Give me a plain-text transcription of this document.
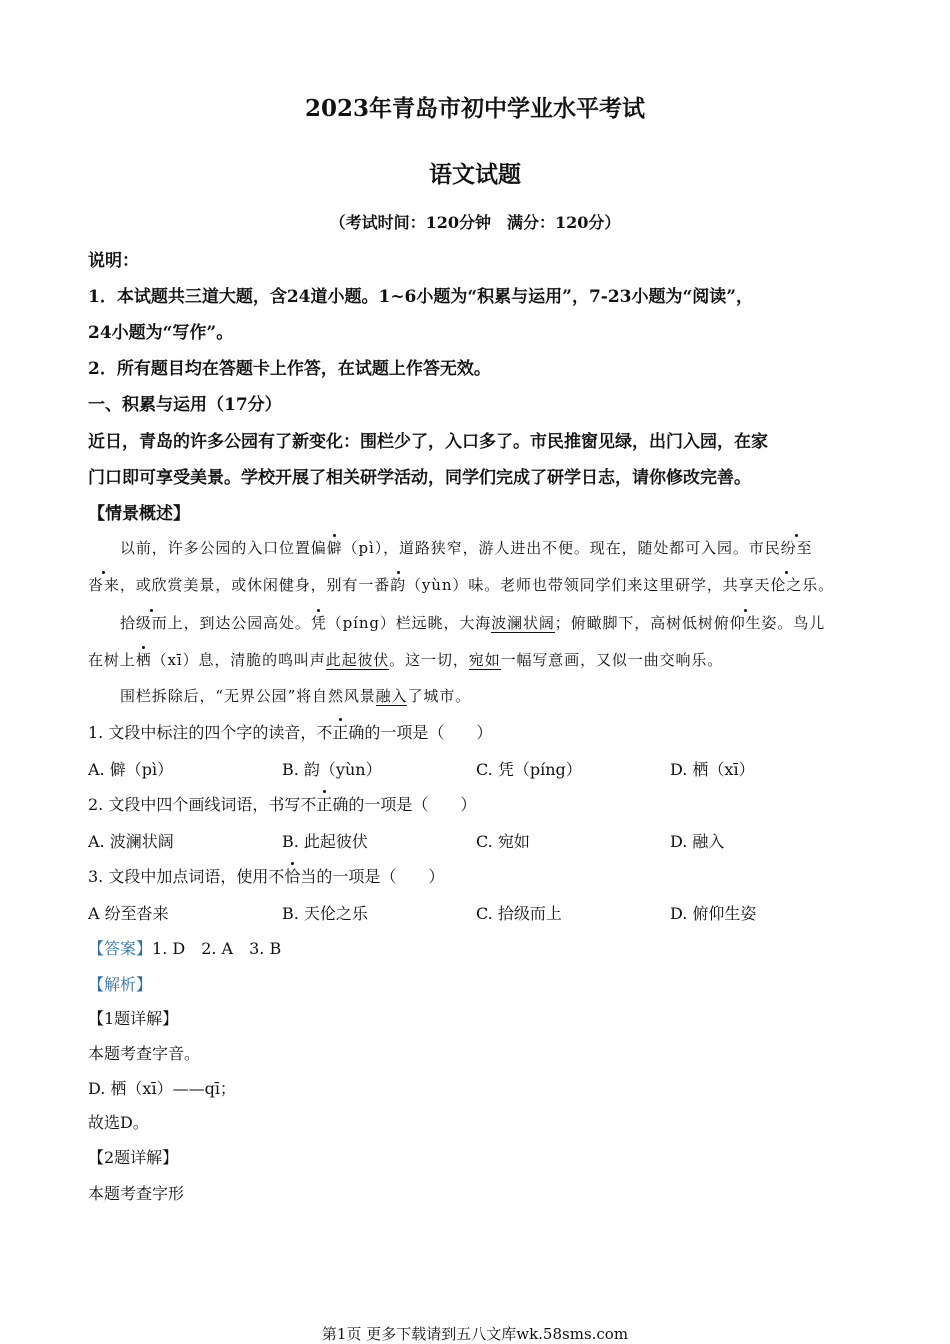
2023年青岛市初中学业水平考试
语文试题
（考试时间：120分钟　满分：120分）
说明：
1．本试题共三道大题，含24道小题。1~6小题为“积累与运用”，7-23小题为“阅读”，
24小题为“写作”。
2．所有题目均在答题卡上作答，在试题上作答无效。
一、积累与运用（17分）
近日，青岛的许多公园有了新变化：围栏少了，入口多了。市民推窗见绿，出门入园，在家
门口即可享受美景。学校开展了相关研学活动，同学们完成了研学日志，请你修改完善。
【情景概述】
以前，许多公园的入口位置偏僻（pì），道路狭窄，游人进出不便。现在，随处都可入园。市民纷至
沓来，或欣赏美景，或休闲健身，别有一番韵（yùn）味。老师也带领同学们来这里研学，共享天伦之乐。
拾级而上，到达公园高处。凭（píng）栏远眺，大海波澜状阔；俯瞰脚下，高树低树俯仰生姿。鸟儿
在树上栖（xī）息，清脆的鸣叫声此起彼伏。这一切，宛如一幅写意画，又似一曲交响乐。
围栏拆除后，“无界公园”将自然风景融入了城市。
1. 文段中标注的四个字的读音，不正确的一项是（　　）
A. 僻（pì）	B. 韵（yùn）	C. 凭（píng）	D. 栖（xī）
2. 文段中四个画线词语，书写不正确的一项是（　　）
A. 波澜状阔	B. 此起彼伏	C. 宛如	D. 融入
3. 文段中加点词语，使用不恰当的一项是（　　）
A 纷至沓来	B. 天伦之乐	C. 拾级而上	D. 俯仰生姿
【答案】1. D　2. A　3. B
【解析】
【1题详解】
本题考查字音。
D. 栖（xī）——qī；
故选D。
【2题详解】
本题考查字形
第1页 更多下载请到五八文库wk.58sms.com
